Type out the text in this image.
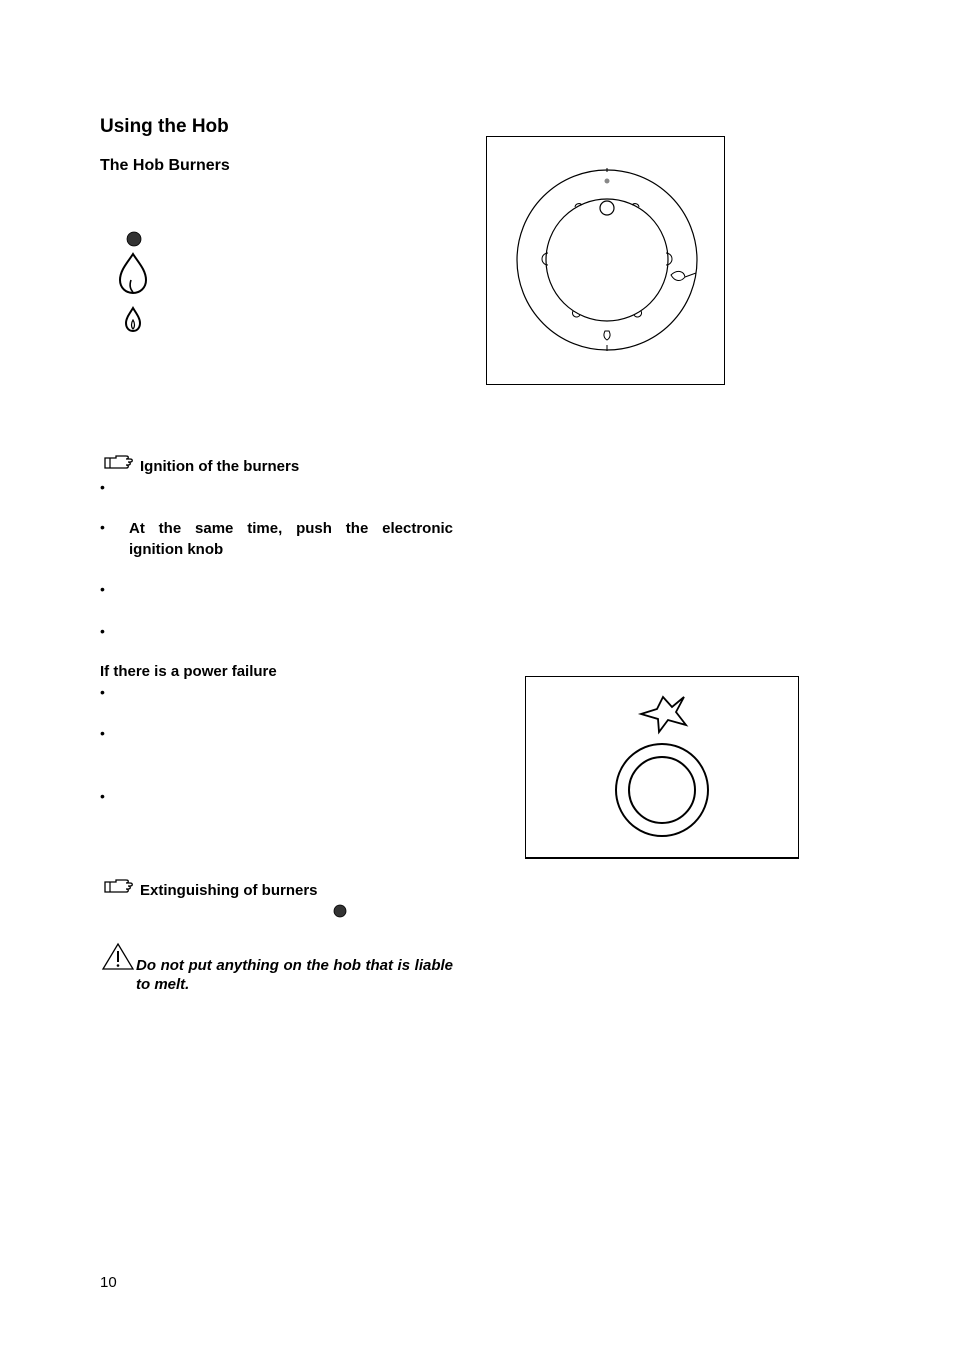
Using the Hob
The Hob Burners
Ignition of the burners
•
• At the same time, push the electronic ignition knob
•
•
If there is a power failure
•
•
•
Extinguishing of burners
Do not put anything on the hob that is liable to melt.
10
